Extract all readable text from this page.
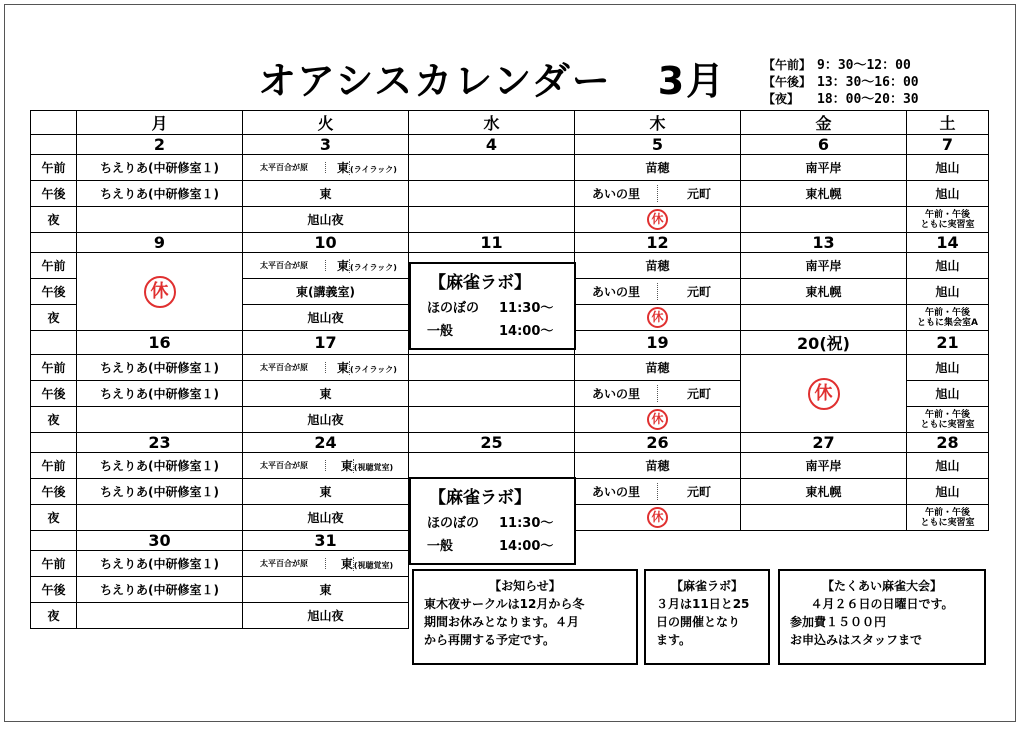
オアシスカレンダー 3月	【午前】 9：30～12：00
【午後】 13：30～16：00
【夜】	18：00～20：30
	月	火	水	木	金	土
	2	3	4	5	6	7
午前	ちえりあ(中研修室１)	太平百合が原 東(ライラック)		苗穂	南平岸	旭山
午後	ちえりあ(中研修室１)	東		あいの里 元町	東札幌	旭山
夜		旭山夜		休		午前・午後
ともに実習室

	9	10	11	12	13	14
午前	休	太平百合が原 東(ライラック)		苗穂	南平岸	旭山
午後		東(講義室)		あいの里 元町	東札幌	旭山
夜		旭山夜		休		午前・午後
ともに集会室A

	16	17		19	20(祝)	21
午前	ちえりあ(中研修室１)	太平百合が原 東(ライラック)		苗穂	休	旭山
午後	ちえりあ(中研修室１)	東		あいの里 元町		旭山
夜		旭山夜		休		午前・午後
ともに実習室

	23	24	25	26	27	28
午前	ちえりあ(中研修室１)	太平百合が原 東(視聴覚室)		苗穂	南平岸	旭山
午後	ちえりあ(中研修室１)	東		あいの里 元町	東札幌	旭山
夜		旭山夜		休		午前・午後
ともに実習室

	30	31				
午前	ちえりあ(中研修室１)	太平百合が原 東(視聴覚室)				

午後	ちえりあ(中研修室１)	東				
夜		旭山夜				
【麻雀ラボ】
ほのぼの	11:30～
一般	14:00～
【麻雀ラボ】
ほのぼの	11:30～
一般	14:00～
【お知らせ】
東木夜サークルは12月から冬
期間お休みとなります。４月
から再開する予定です。
【麻雀ラボ】
３月は11日と25
日の開催となり
ます。
【たくあい麻雀大会】
４月２６日の日曜日です。
参加費１５００円
お申込みはスタッフまで
